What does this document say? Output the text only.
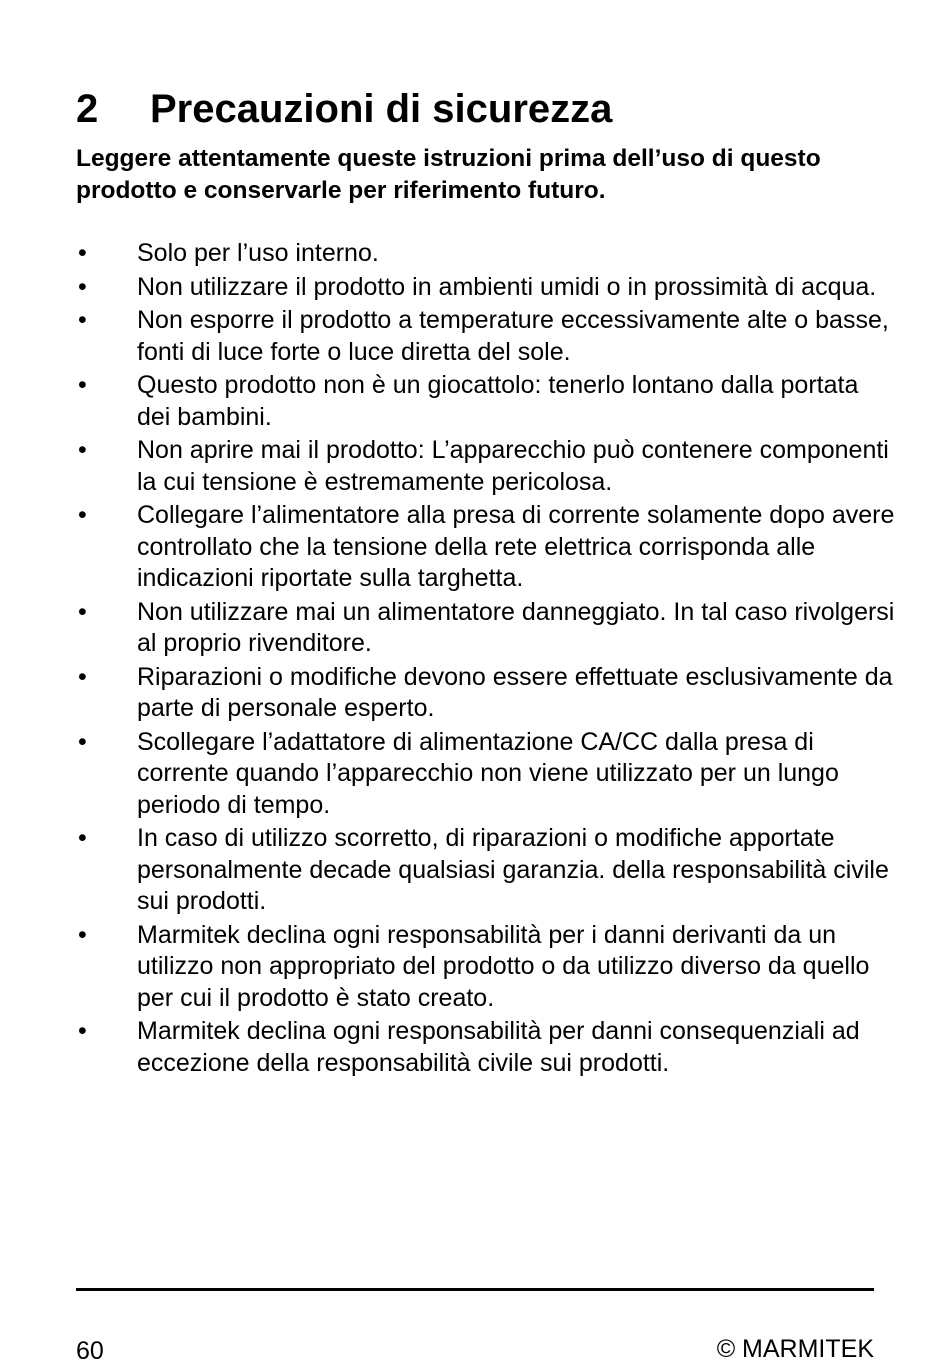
2	Precauzioni di sicurezza

Leggere attentamente queste istruzioni prima dell’uso di questo prodotto e conservarle per riferimento futuro.

•	Solo per l’uso interno.
•	Non utilizzare il prodotto in ambienti umidi o in prossimità di acqua.
•	Non esporre il prodotto a temperature eccessivamente alte o basse, fonti di luce forte o luce diretta del sole.
•	Questo prodotto non è un giocattolo: tenerlo lontano dalla portata dei bambini.
•	Non aprire mai il prodotto: L’apparecchio può contenere componenti la cui tensione è estremamente pericolosa.
•	Collegare l’alimentatore alla presa di corrente solamente dopo avere controllato che la tensione della rete elettrica corrisponda alle indicazioni riportate sulla targhetta.
•	Non utilizzare mai un alimentatore danneggiato. In tal caso rivolgersi al proprio rivenditore.
•	Riparazioni o modifiche devono essere effettuate esclusivamente da parte di personale esperto.
•	Scollegare l’adattatore di alimentazione CA/CC dalla presa di corrente quando l’apparecchio non viene utilizzato per un lungo periodo di tempo.
•	In caso di utilizzo scorretto, di riparazioni o modifiche apportate personalmente decade qualsiasi garanzia. della responsabilità civile sui prodotti.
•	Marmitek declina ogni responsabilità per i danni derivanti da un utilizzo non appropriato del prodotto o da utilizzo diverso da quello per cui il prodotto è stato creato.
•	Marmitek declina ogni responsabilità per danni consequenziali ad eccezione della responsabilità civile sui prodotti.
60	© MARMITEK
